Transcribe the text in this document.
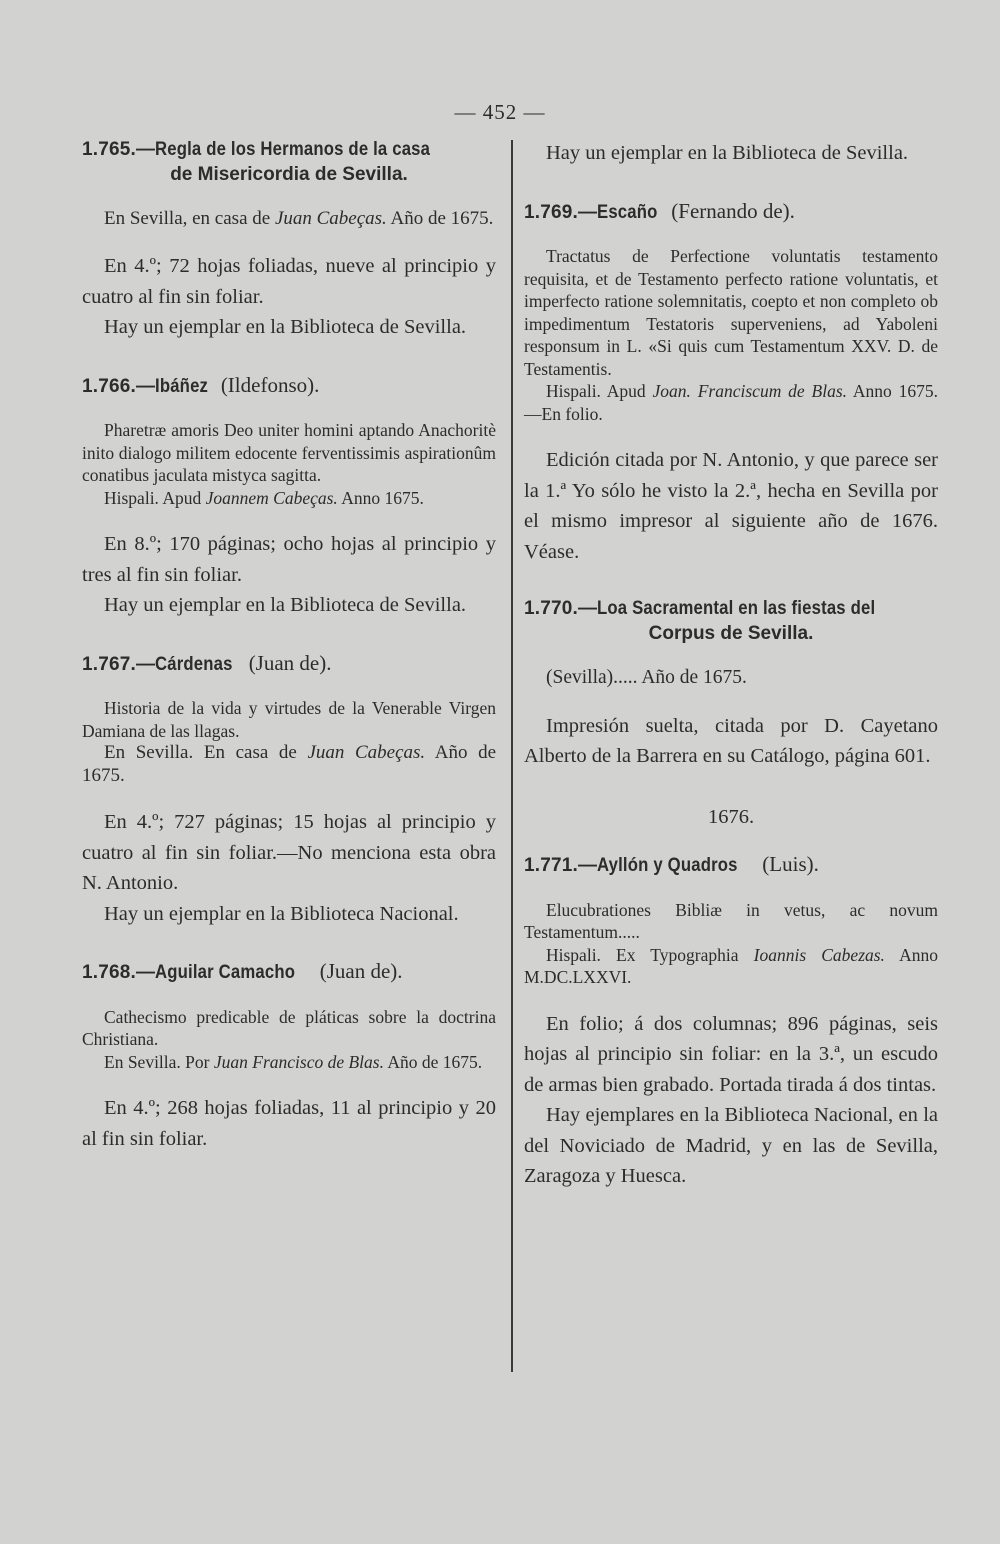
— 452 —
1.765.—Regla de los Hermanos de la casa
de Misericordia de Sevilla.

En Sevilla, en casa de Juan Cabeças. Año de 1675.

En 4.º; 72 hojas foliadas, nueve al principio y cuatro al fin sin foliar.

Hay un ejemplar en la Biblioteca de Sevilla.

1.766.—Ibáñez (Ildefonso).

Pharetræ amoris Deo uniter homini aptando Anachoritè inito dialogo militem edocente ferventissimis aspirationûm conatibus jaculata mistyca sagitta.

Hispali. Apud Joannem Cabeças. Anno 1675.

En 8.º; 170 páginas; ocho hojas al principio y tres al fin sin foliar.

Hay un ejemplar en la Biblioteca de Sevilla.

1.767.—Cárdenas (Juan de).

Historia de la vida y virtudes de la Venerable Virgen Damiana de las llagas.

En Sevilla. En casa de Juan Cabeças. Año de 1675.

En 4.º; 727 páginas; 15 hojas al principio y cuatro al fin sin foliar.—No menciona esta obra N. Antonio.

Hay un ejemplar en la Biblioteca Nacional.

1.768.—Aguilar Camacho (Juan de).

Cathecismo predicable de pláticas sobre la doctrina Christiana.

En Sevilla. Por Juan Francisco de Blas. Año de 1675.

En 4.º; 268 hojas foliadas, 11 al principio y 20 al fin sin foliar.

Hay un ejemplar en la Biblioteca de Sevilla.

1.769.—Escaño (Fernando de).

Tractatus de Perfectione voluntatis testamento requisita, et de Testamento perfecto ratione voluntatis, et imperfecto ratione solemnitatis, coepto et non completo ob impedimentum Testatoris superveniens, ad Yaboleni responsum in L. «Si quis cum Testamentum XXV. D. de Testamentis.

Hispali. Apud Joan. Franciscum de Blas. Anno 1675.—En folio.

Edición citada por N. Antonio, y que parece ser la 1.ª Yo sólo he visto la 2.ª, hecha en Sevilla por el mismo impresor al siguiente año de 1676. Véase.

1.770.—Loa Sacramental en las fiestas del
Corpus de Sevilla.

(Sevilla)..... Año de 1675.

Impresión suelta, citada por D. Cayetano Alberto de la Barrera en su Catálogo, página 601.

1676.
1.771.—Ayllón y Quadros (Luis).

Elucubrationes Bibliæ in vetus, ac novum Testamentum.....

Hispali. Ex Typographia Ioannis Cabezas. Anno M.DC.LXXVI.

En folio; á dos columnas; 896 páginas, seis hojas al principio sin foliar: en la 3.ª, un escudo de armas bien grabado. Portada tirada á dos tintas.

Hay ejemplares en la Biblioteca Nacional, en la del Noviciado de Madrid, y en las de Sevilla, Zaragoza y Huesca.
